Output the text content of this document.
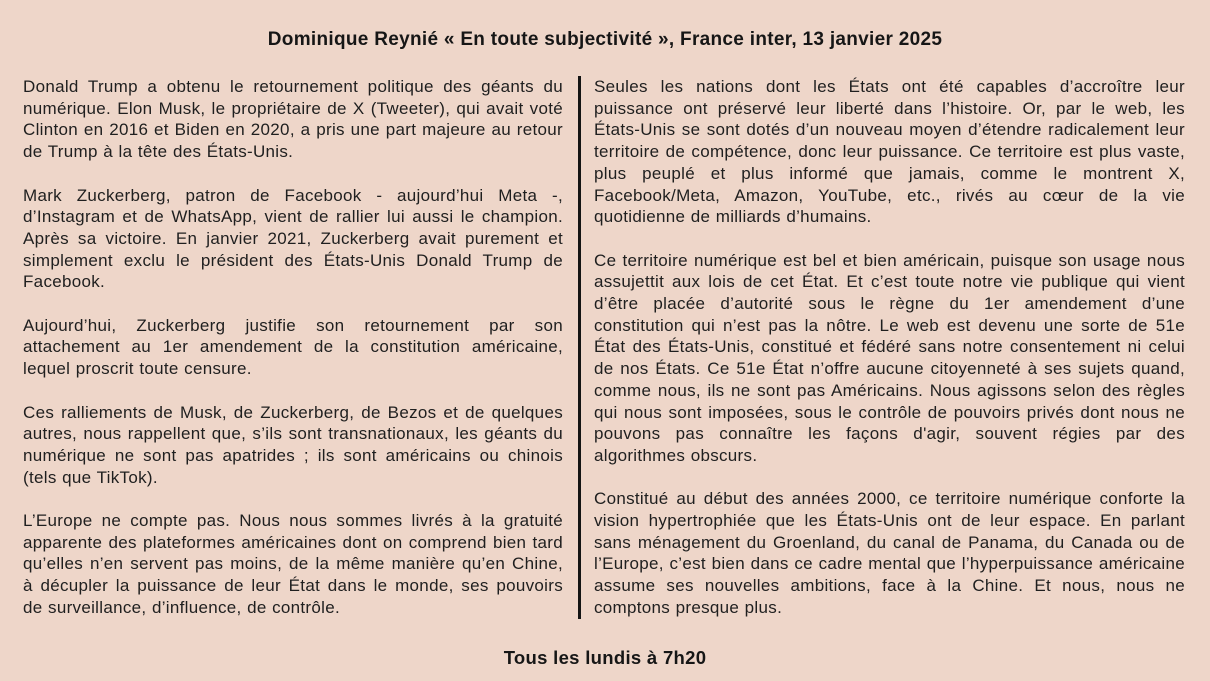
Dominique Reynié « En toute subjectivité », France inter, 13 janvier 2025

Donald Trump a obtenu le retournement politique des géants du numérique. Elon Musk, le propriétaire de X (Tweeter), qui avait voté Clinton en 2016 et Biden en 2020, a pris une part majeure au retour de Trump à la tête des États-Unis.

Mark Zuckerberg, patron de Facebook - aujourd’hui Meta -, d’Instagram et de WhatsApp, vient de rallier lui aussi le champion. Après sa victoire. En janvier 2021, Zuckerberg avait purement et simplement exclu le président des États-Unis Donald Trump de Facebook.

Aujourd’hui, Zuckerberg justifie son retournement par son attachement au 1er amendement de la constitution américaine, lequel proscrit toute censure.

Ces ralliements de Musk, de Zuckerberg, de Bezos et de quelques autres, nous rappellent que, s’ils sont transnationaux, les géants du numérique ne sont pas apatrides ; ils sont américains ou chinois (tels que TikTok).

L’Europe ne compte pas. Nous nous sommes livrés à la gratuité apparente des plateformes américaines dont on comprend bien tard qu’elles n’en servent pas moins, de la même manière qu’en Chine, à décupler la puissance de leur État dans le monde, ses pouvoirs de surveillance, d’influence, de contrôle.

Seules les nations dont les États ont été capables d’accroître leur puissance ont préservé leur liberté dans l’histoire. Or, par le web, les États-Unis se sont dotés d’un nouveau moyen d’étendre radicalement leur territoire de compétence, donc leur puissance. Ce territoire est plus vaste, plus peuplé et plus informé que jamais, comme le montrent X, Facebook/Meta, Amazon, YouTube, etc., rivés au cœur de la vie quotidienne de milliards d’humains.

Ce territoire numérique est bel et bien américain, puisque son usage nous assujettit aux lois de cet État. Et c’est toute notre vie publique qui vient d’être placée d’autorité sous le règne du 1er amendement d’une constitution qui n’est pas la nôtre. Le web est devenu une sorte de 51e État des États-Unis, constitué et fédéré sans notre consentement ni celui de nos États. Ce 51e État n’offre aucune citoyenneté à ses sujets quand, comme nous, ils ne sont pas Américains. Nous agissons selon des règles qui nous sont imposées, sous le contrôle de pouvoirs privés dont nous ne pouvons pas connaître les façons d'agir, souvent régies par des algorithmes obscurs.

Constitué au début des années 2000, ce territoire numérique conforte la vision hypertrophiée que les États-Unis ont de leur espace. En parlant sans ménagement du Groenland, du canal de Panama, du Canada ou de l’Europe, c’est bien dans ce cadre mental que l’hyperpuissance américaine assume ses nouvelles ambitions, face à la Chine. Et nous, nous ne comptons presque plus.

Tous les lundis à 7h20
